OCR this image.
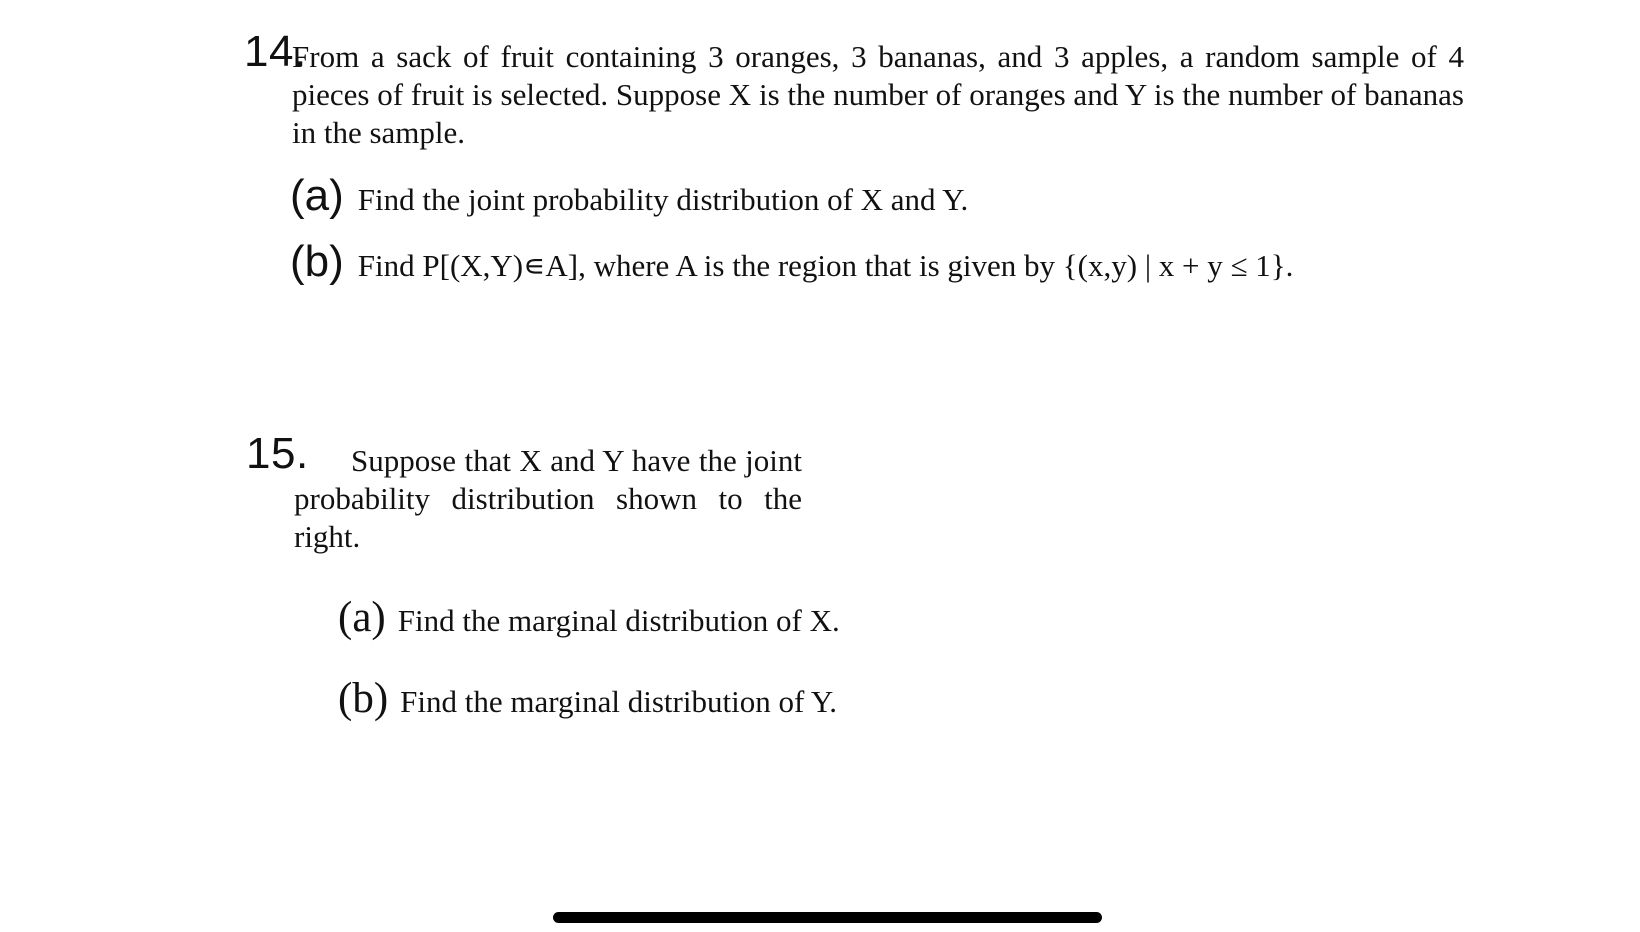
14.
From a sack of fruit containing 3 oranges, 3 bananas, and 3 apples, a random sample of 4 pieces of fruit is selected. Suppose X is the number of oranges and Y is the number of bananas in the sample.
(a) Find the joint probability distribution of X and Y.
(b) Find P[(X,Y)∊A], where A is the region that is given by {(x,y) | x + y ≤ 1}.
15.	Suppose that X and Y have the joint probability distribution shown to the right.
(a) Find the marginal distribution of X.
(b) Find the marginal distribution of Y.
